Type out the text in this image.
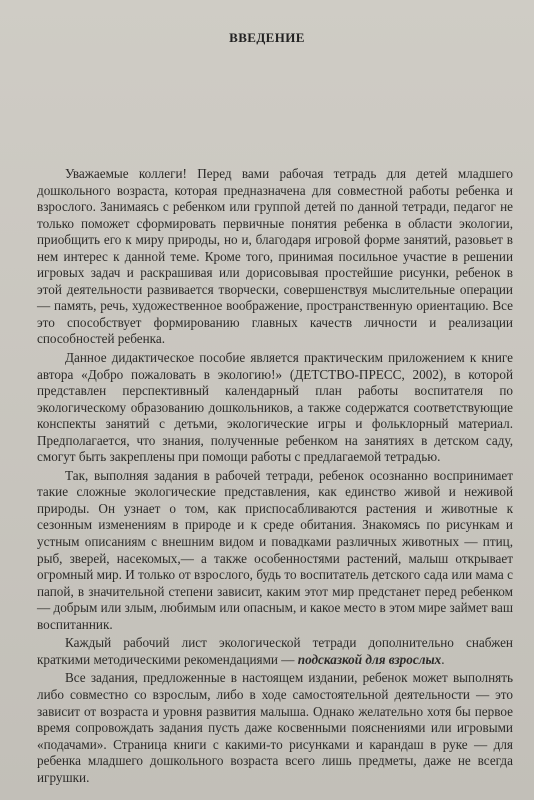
ВВЕДЕНИЕ

Уважаемые коллеги! Перед вами рабочая тетрадь для детей младшего дошкольного возраста, которая предназначена для совместной работы ребенка и взрослого. Занимаясь с ребенком или группой детей по данной тетради, педагог не только поможет сформировать первичные понятия ребенка в области экологии, приобщить его к миру природы, но и, благодаря игровой форме занятий, разовьет в нем интерес к данной теме. Кроме того, принимая посильное участие в решении игровых задач и раскрашивая или дорисовывая простейшие рисунки, ребенок в этой деятельности развивается творчески, совершенствуя мыслительные операции — память, речь, художественное воображение, пространственную ориентацию. Все это способствует формированию главных качеств личности и реализации способностей ребенка.

Данное дидактическое пособие является практическим приложением к книге автора «Добро пожаловать в экологию!» (ДЕТСТВО-ПРЕСС, 2002), в которой представлен перспективный календарный план работы воспитателя по экологическому образованию дошкольников, а также содержатся соответствующие конспекты занятий с детьми, экологические игры и фольклорный материал. Предполагается, что знания, полученные ребенком на занятиях в детском саду, смогут быть закреплены при помощи работы с предлагаемой тетрадью.

Так, выполняя задания в рабочей тетради, ребенок осознанно воспринимает такие сложные экологические представления, как единство живой и неживой природы. Он узнает о том, как приспосабливаются растения и животные к сезонным изменениям в природе и к среде обитания. Знакомясь по рисункам и устным описаниям с внешним видом и повадками различных животных — птиц, рыб, зверей, насекомых,— а также особенностями растений, малыш открывает огромный мир. И только от взрослого, будь то воспитатель детского сада или мама с папой, в значительной степени зависит, каким этот мир предстанет перед ребенком — добрым или злым, любимым или опасным, и какое место в этом мире займет ваш воспитанник.

Каждый рабочий лист экологической тетради дополнительно снабжен краткими методическими рекомендациями — подсказкой для взрослых.

Все задания, предложенные в настоящем издании, ребенок может выполнять либо совместно со взрослым, либо в ходе самостоятельной деятельности — это зависит от возраста и уровня развития малыша. Однако желательно хотя бы первое время сопровождать задания пусть даже косвенными пояснениями или игровыми «подачами». Страница книги с какими-то рисунками и карандаш в руке — для ребенка младшего дошкольного возраста всего лишь предметы, даже не всегда игрушки.
